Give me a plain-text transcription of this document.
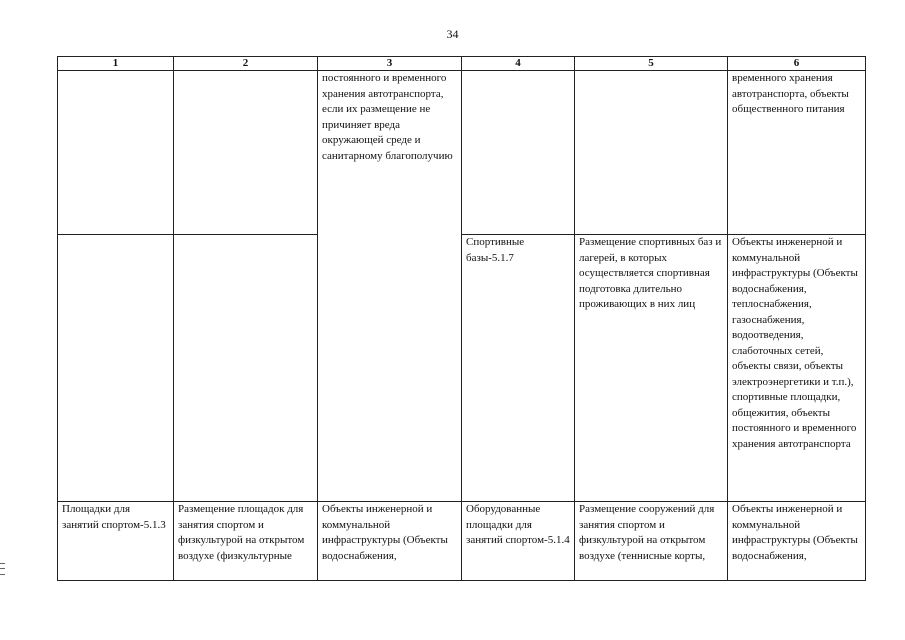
34
1	2	3	4	5	6
		постоянного и временного хранения автотранспорта, если их размещение не причиняет вреда окружающей среде и санитарному благополучию			временного хранения автотранспорта, объекты общественного питания
			Спортивные базы-5.1.7	Размещение спортивных баз и лагерей, в которых осуществляется спортивная подготовка длительно проживающих в них лиц	Объекты инженерной и коммунальной инфраструктуры (Объекты водоснабжения, теплоснабжения, газоснабжения, водоотведения, слаботочных сетей, объекты связи, объекты электроэнергетики и т.п.), спортивные площадки, общежития, объекты постоянного и временного хранения автотранспорта
Площадки для занятий спортом-5.1.3	Размещение площадок для занятия спортом и физкультурой на открытом воздухе (физкультурные	Объекты инженерной и коммунальной инфраструктуры (Объекты водоснабжения,	Оборудованные площадки для занятий спортом-5.1.4	Размещение сооружений для занятия спортом и физкультурой на открытом воздухе (теннисные корты,	Объекты инженерной и коммунальной инфраструктуры (Объекты водоснабжения,
